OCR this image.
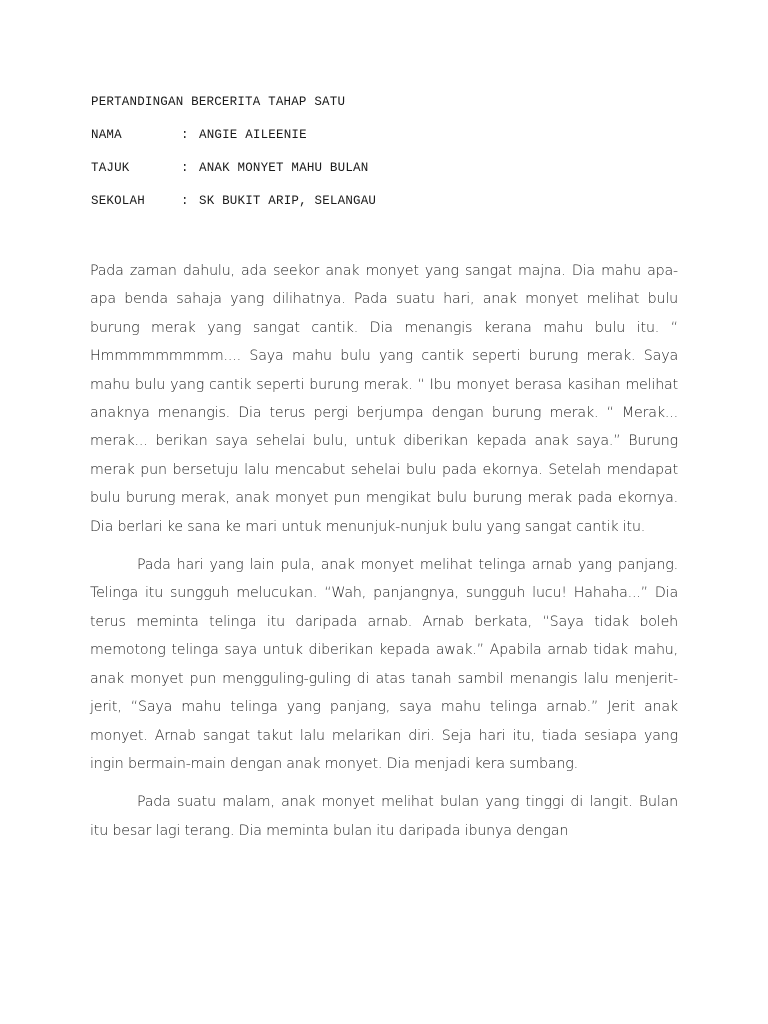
PERTANDINGAN BERCERITA TAHAP SATU
NAMA	: ANGIE AILEENIE
TAJUK	: ANAK MONYET MAHU BULAN
SEKOLAH	: SK BUKIT ARIP, SELANGAU

Pada zaman dahulu, ada seekor anak monyet yang sangat majna. Dia mahu apa-apa benda sahaja yang dilihatnya. Pada suatu hari, anak monyet melihat bulu burung merak yang sangat cantik. Dia menangis kerana mahu bulu itu. “ Hmmmmmmmmm.... Saya mahu bulu yang cantik seperti burung merak. Saya mahu bulu yang cantik seperti burung merak. “ Ibu monyet berasa kasihan melihat anaknya menangis. Dia terus pergi berjumpa dengan burung merak. “ Merak... merak... berikan saya sehelai bulu, untuk diberikan kepada anak saya.” Burung merak pun bersetuju lalu mencabut sehelai bulu pada ekornya. Setelah mendapat bulu burung merak, anak monyet pun mengikat bulu burung merak pada ekornya. Dia berlari ke sana ke mari untuk menunjuk-nunjuk bulu yang sangat cantik itu.

Pada hari yang lain pula, anak monyet melihat telinga arnab yang panjang. Telinga itu sungguh melucukan. “Wah, panjangnya, sungguh lucu! Hahaha...” Dia terus meminta telinga itu daripada arnab. Arnab berkata, “Saya tidak boleh memotong telinga saya untuk diberikan kepada awak.” Apabila arnab tidak mahu, anak monyet pun mengguling-guling di atas tanah sambil menangis lalu menjerit-jerit, “Saya mahu telinga yang panjang, saya mahu telinga arnab.” Jerit anak monyet. Arnab sangat takut lalu melarikan diri. Seja hari itu, tiada sesiapa yang ingin bermain-main dengan anak monyet. Dia menjadi kera sumbang.

Pada suatu malam, anak monyet melihat bulan yang tinggi di langit. Bulan itu besar lagi terang. Dia meminta bulan itu daripada ibunya dengan
